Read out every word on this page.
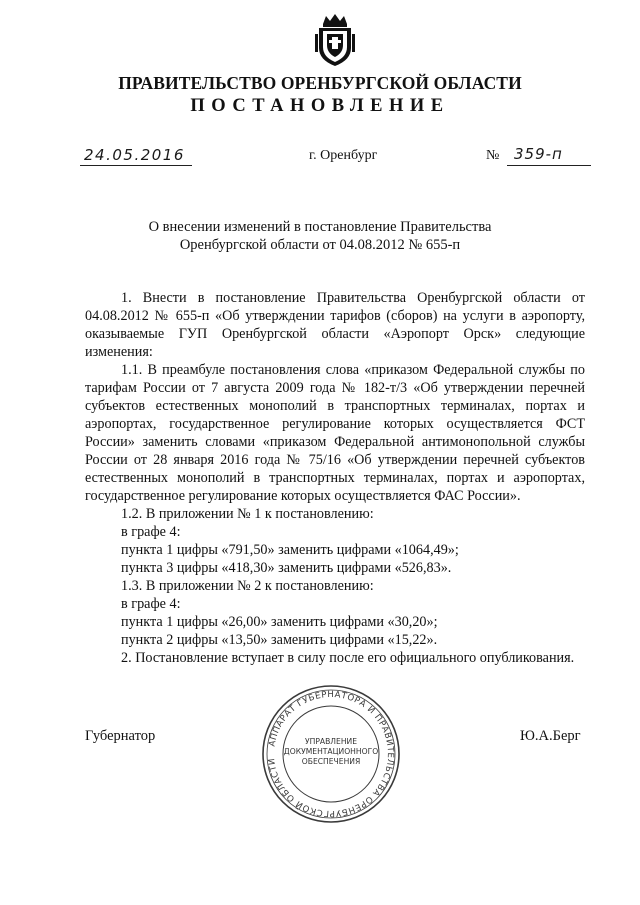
ПРАВИТЕЛЬСТВО ОРЕНБУРГСКОЙ ОБЛАСТИ
ПОСТАНОВЛЕНИЕ
24.05.2016	г. Оренбург	№ 359-п
О внесении изменений в постановление Правительства
Оренбургской области от 04.08.2012 № 655-п

1. Внести в постановление Правительства Оренбургской области от 04.08.2012 № 655-п «Об утверждении тарифов (сборов) на услуги в аэропорту, оказываемые ГУП Оренбургской области «Аэропорт Орск» следующие изменения:

1.1. В преамбуле постановления слова «приказом Федеральной службы по тарифам России от 7 августа 2009 года № 182-т/3 «Об утверждении перечней субъектов естественных монополий в транспортных терминалах, портах и аэропортах, государственное регулирование которых осуществляется ФСТ России» заменить словами «приказом Федеральной антимонопольной службы России от 28 января 2016 года № 75/16 «Об утверждении перечней субъектов естественных монополий в транспортных терминалах, портах и аэропортах, государственное регулирование которых осуществляется ФАС России».

1.2. В приложении № 1 к постановлению:

в графе 4:

пункта 1 цифры «791,50» заменить цифрами «1064,49»;

пункта 3 цифры «418,30» заменить цифрами «526,83».

1.3. В приложении № 2 к постановлению:

в графе 4:

пункта 1 цифры «26,00» заменить цифрами «30,20»;

пункта 2 цифры «13,50» заменить цифрами «15,22».

2. Постановление вступает в силу после его официального опубликования.

Губернатор	Ю.А.Берг
АППАРАТ ГУБЕРНАТОРА И ПРАВИТЕЛЬСТВА ОРЕНБУРГСКОЙ ОБЛАСТИ
УПРАВЛЕНИЕ
ДОКУМЕНТАЦИОННОГО
ОБЕСПЕЧЕНИЯ
